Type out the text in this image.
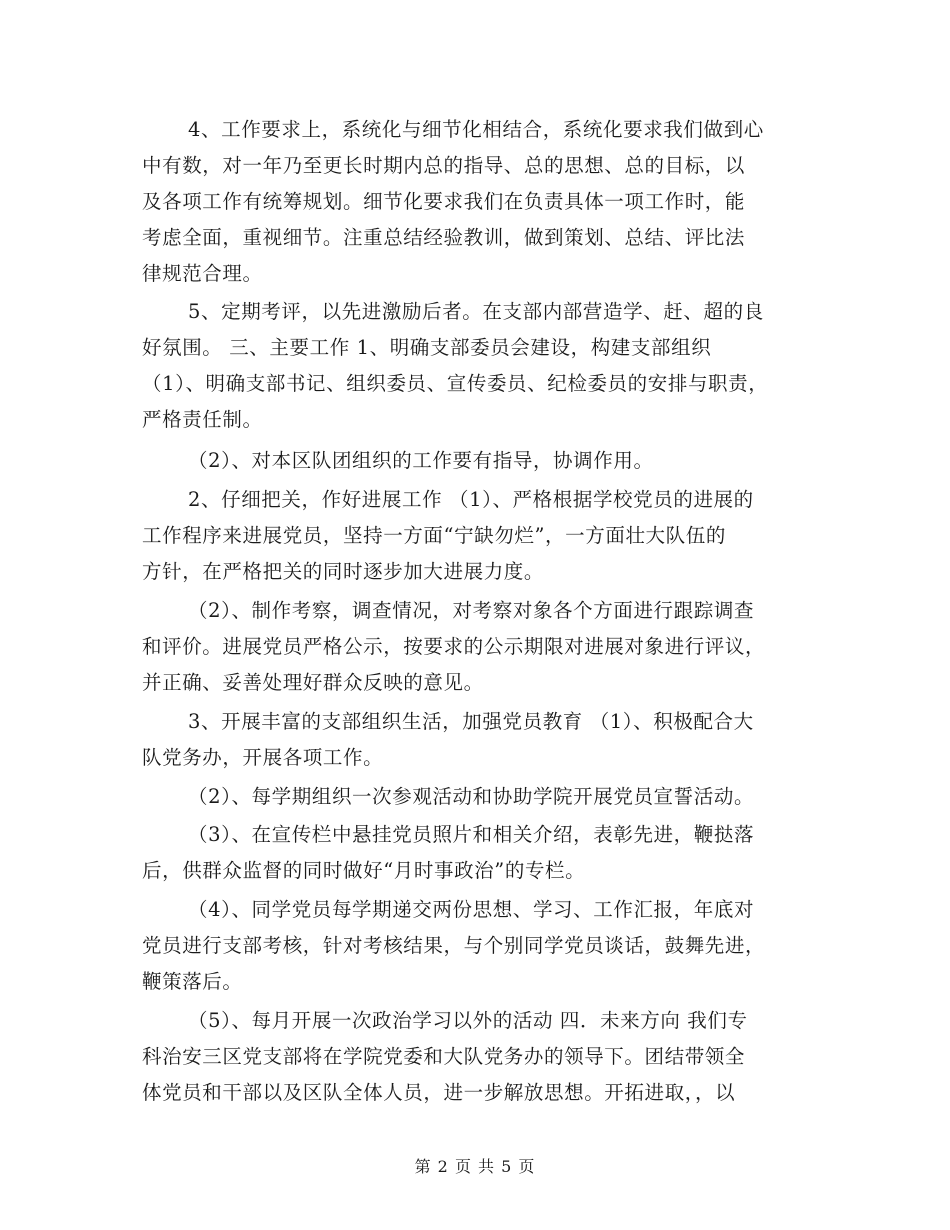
4、工作要求上，系统化与细节化相结合，系统化要求我们做到心
中有数，对一年乃至更长时期内总的指导、总的思想、总的目标，以
及各项工作有统筹规划。细节化要求我们在负责具体一项工作时，能
考虑全面，重视细节。注重总结经验教训，做到策划、总结、评比法
律规范合理。
5、定期考评，以先进激励后者。在支部内部营造学、赶、超的良
好氛围。 三、主要工作 1、明确支部委员会建设，构建支部组织
（1）、明确支部书记、组织委员、宣传委员、纪检委员的安排与职责，
严格责任制。
（2）、对本区队团组织的工作要有指导，协调作用。
2、仔细把关，作好进展工作 （1）、严格根据学校党员的进展的
工作程序来进展党员，坚持一方面“宁缺勿烂”，一方面壮大队伍的
方针，在严格把关的同时逐步加大进展力度。
（2）、制作考察，调查情况，对考察对象各个方面进行跟踪调查
和评价。进展党员严格公示，按要求的公示期限对进展对象进行评议，
并正确、妥善处理好群众反映的意见。
3、开展丰富的支部组织生活，加强党员教育 （1）、积极配合大
队党务办，开展各项工作。
（2）、每学期组织一次参观活动和协助学院开展党员宣誓活动。
（3）、在宣传栏中悬挂党员照片和相关介绍，表彰先进，鞭挞落
后，供群众监督的同时做好“月时事政治”的专栏。
（4）、同学党员每学期递交两份思想、学习、工作汇报，年底对
党员进行支部考核，针对考核结果，与个别同学党员谈话，鼓舞先进，
鞭策落后。
（5）、每月开展一次政治学习以外的活动 四．未来方向 我们专
科治安三区党支部将在学院党委和大队党务办的领导下。团结带领全
体党员和干部以及区队全体人员，进一步解放思想。开拓进取，，以
第 2 页 共 5 页
